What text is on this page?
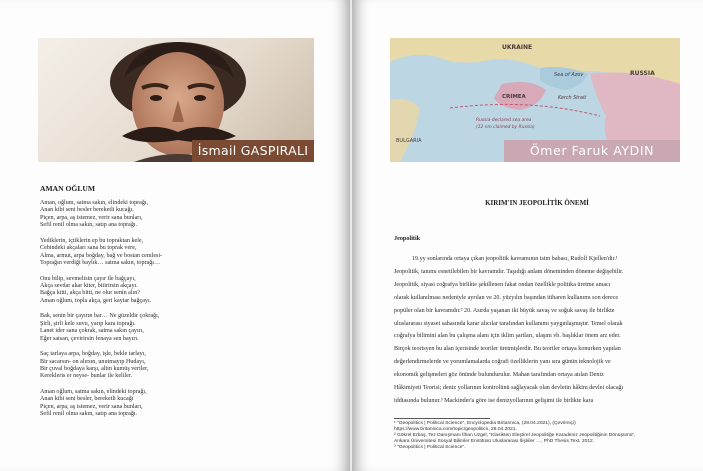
İsmail GASPIRALI
AMAN OĞLUM
Aman, oğlum, satma sakın, elindeki toprağı,
Anan kibi seni besler bereketli kucağı.
Piçen, arpa, aş istemez, verir sana bunları,
Sefil renil olma sakın, satıp ana toprağı.
Yediklerin, içtiklerin ep bu topraktan kele,
Cebindeki akçaları sana bu toprak vere,
Alma, armut, arpa boğday, bağ ve bostan cemlesi-
Toprağın verdiği baylık… satma sakın, toprağı…
Onu bilip, sevmelisin çayır ile bağçayı,
Akça sevdar akar kiter, bitirirsin akçayı.
Bağça kitti, akça bitti, ne olur senin alın?
Aman oğlum, topla akça, geri kaytar bağçayı.
Bak, senin bir çayırın bar… Ne güzeldir çokrağı,
Şirli, şirli kele suvu, yarıp kara toprağı.
Lanet ider sana çokrak, satma sakın çayırı,
Eğer satsan, çevirirsin fenaya sen bayırı.
Saç tarlaya arpa, boğday, işle, bekle tarlayı,
Bir sacarsın- on alırsın, unutmayıp Hudayı,
Bir çuval boğdaya karşı, altın kumüş veriler,
Kerekleris er neyse- bunlar ile keliler.
Aman oğlum, satma sakın, elindeki toprağı,
Anan kibi seni besler, bereketli kucağı
Piçen, arpa, aş istemez, verir sana bunları,
Sefil renil olma sakın, satıp ana toprağı.
UKRAINE
Sea of Azov	RUSSIA
CRIMEA	Kerch Strait
Russia-declared sea area
(12 nm claimed by Russia)
BULGARIA
Ömer Faruk AYDIN
KIRIM'IN JEOPOLİTİK ÖNEMİ
Jeopolitik
19.yy sonlarında ortaya çıkan jeopolitik kavramının isim babası, Rudolf Kjellen'dir.¹
Jeopolitik, tanımı esnetilebilen bir kavramdır. Taşıdığı anlam döneminden döneme değişebilir.
Jeopolitik, siyasi coğrafya birlikte şekillenen fakat ondan özellikle politika üretme amacı
olarak kullanılması nedeniyle ayrılan ve 20. yüzyılın başından itibaren kullanımı son derece
popüler olan bir kavramdır.² 20. Asırda yaşanan iki büyük savaş ve soğuk savaş ile birlikte
uluslararası siyaset sahasında karar alıcılar tarafından kullanımı yaygınlaşmıştır. Temel olarak
coğrafya bilimini alan bu çalışma alanı için iklim şartları, ulaşım vb. başlıklar önem arz eder.
Birçok teorisyen bu alan içerisinde teoriler üretmişlerdir. Bu teoriler ortaya konurken yapılan
değerlendirmelerde ve yorumlamalarda coğrafi özelliklerin yanı sıra günün teknolojik ve
ekonomik gelişmeleri göz önünde bulundurulur. Mahan tarafından ortaya atılan Deniz
Hâkimiyeti Teorisi; deniz yollarının kontrolünü sağlayacak olan devletin hâkim devlet olacağı
iddiasında bulunur.³ Mackinder'a göre ise denizyollarının gelişimi ile birlikte kara
¹ "Geopolitics | Political Science", Encyclopedia Britannica, (28.04.2021), (Çevrimiçi)
https://www.britannica.com/topic/geopolitics, 28.04.2021.
² Gökrel Erbaş, Tez Danışmanı İlhan Uzgel, "Klasikten Eleştirel Jeopolitiğe Karadeniz Jeopolitiğinin Dönüşümü",
Ankara Üniversitesi Sosyal Bilimler Enstitüsü Uluslararası İlişkiler …, PhD Thesis Text, 2012.
³ "Geopolitics | Political Science".
